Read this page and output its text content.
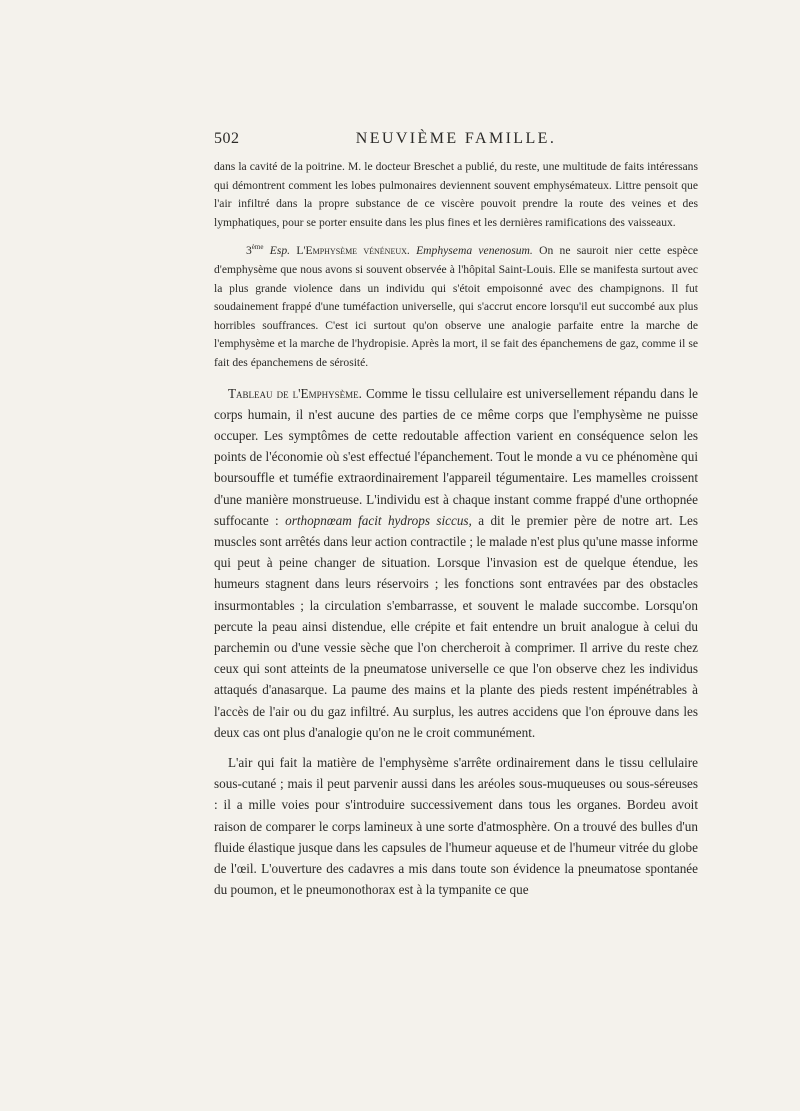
502	NEUVIÈME FAMILLE.

dans la cavité de la poitrine. M. le docteur Breschet a publié, du reste, une multitude de faits intéressans qui démontrent comment les lobes pulmonaires deviennent souvent emphysémateux. Littre pensoit que l'air infiltré dans la propre substance de ce viscère pouvoit prendre la route des veines et des lymphatiques, pour se porter ensuite dans les plus fines et les dernières ramifications des vaisseaux.

3ème Esp. L'Emphysème vénéneux. Emphysema venenosum. On ne sauroit nier cette espèce d'emphysème que nous avons si souvent observée à l'hôpital Saint-Louis. Elle se manifesta surtout avec la plus grande violence dans un individu qui s'étoit empoisonné avec des champignons. Il fut soudainement frappé d'une tuméfaction universelle, qui s'accrut encore lorsqu'il eut succombé aux plus horribles souffrances. C'est ici surtout qu'on observe une analogie parfaite entre la marche de l'emphysème et la marche de l'hydropisie. Après la mort, il se fait des épanchemens de gaz, comme il se fait des épanchemens de sérosité.

Tableau de l'Emphysème. Comme le tissu cellulaire est universellement répandu dans le corps humain, il n'est aucune des parties de ce même corps que l'emphysème ne puisse occuper. Les symptômes de cette redoutable affection varient en conséquence selon les points de l'économie où s'est effectué l'épanchement. Tout le monde a vu ce phénomène qui boursouffle et tuméfie extraordinairement l'appareil tégumentaire. Les mamelles croissent d'une manière monstrueuse. L'individu est à chaque instant comme frappé d'une orthopnée suffocante : orthopnœam facit hydrops siccus, a dit le premier père de notre art. Les muscles sont arrêtés dans leur action contractile ; le malade n'est plus qu'une masse informe qui peut à peine changer de situation. Lorsque l'invasion est de quelque étendue, les humeurs stagnent dans leurs réservoirs ; les fonctions sont entravées par des obstacles insurmontables ; la circulation s'embarrasse, et souvent le malade succombe. Lorsqu'on percute la peau ainsi distendue, elle crépite et fait entendre un bruit analogue à celui du parchemin ou d'une vessie sèche que l'on chercheroit à comprimer. Il arrive du reste chez ceux qui sont atteints de la pneumatose universelle ce que l'on observe chez les individus attaqués d'anasarque. La paume des mains et la plante des pieds restent impénétrables à l'accès de l'air ou du gaz infiltré. Au surplus, les autres accidens que l'on éprouve dans les deux cas ont plus d'analogie qu'on ne le croit communément.

L'air qui fait la matière de l'emphysème s'arrête ordinairement dans le tissu cellulaire sous-cutané ; mais il peut parvenir aussi dans les aréoles sous-muqueuses ou sous-séreuses : il a mille voies pour s'introduire successivement dans tous les organes. Bordeu avoit raison de comparer le corps lamineux à une sorte d'atmosphère. On a trouvé des bulles d'un fluide élastique jusque dans les capsules de l'humeur aqueuse et de l'humeur vitrée du globe de l'œil. L'ouverture des cadavres a mis dans toute son évidence la pneumatose spontanée du poumon, et le pneumonothorax est à la tympanite ce que
